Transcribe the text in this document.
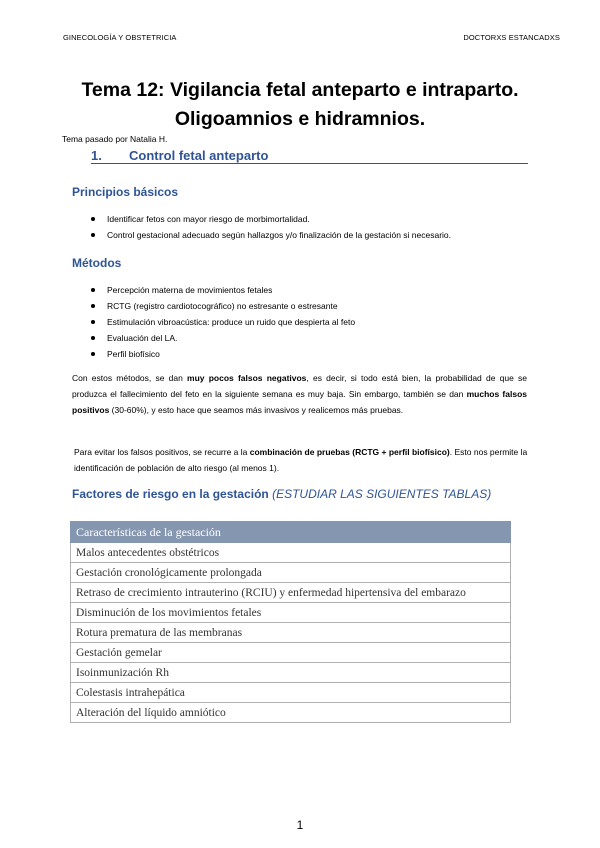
GINECOLOGÍA Y OBSTETRICIA	DOCTORXS ESTANCADXS
Tema 12: Vigilancia fetal anteparto e intraparto.
Oligoamnios e hidramnios.
Tema pasado por Natalia H.
1. Control fetal anteparto
Principios básicos
Identificar fetos con mayor riesgo de morbimortalidad.
Control gestacional adecuado según hallazgos y/o finalización de la gestación si necesario.
Métodos
Percepción materna de movimientos fetales
RCTG (registro cardiotocográfico) no estresante o estresante
Estimulación vibroacústica: produce un ruido que despierta al feto
Evaluación del LA.
Perfil biofísico
Con estos métodos, se dan muy pocos falsos negativos, es decir, si todo está bien, la probabilidad de que se produzca el fallecimiento del feto en la siguiente semana es muy baja. Sin embargo, también se dan muchos falsos positivos (30-60%), y esto hace que seamos más invasivos y realicemos más pruebas.
Para evitar los falsos positivos, se recurre a la combinación de pruebas (RCTG + perfil biofísico). Esto nos permite la identificación de población de alto riesgo (al menos 1).
Factores de riesgo en la gestación (ESTUDIAR LAS SIGUIENTES TABLAS)
Características de la gestación
Malos antecedentes obstétricos
Gestación cronológicamente prolongada
Retraso de crecimiento intrauterino (RCIU) y enfermedad hipertensiva del embarazo
Disminución de los movimientos fetales
Rotura prematura de las membranas
Gestación gemelar
Isoinmunización Rh
Colestasis intrahepática
Alteración del líquido amniótico
1
